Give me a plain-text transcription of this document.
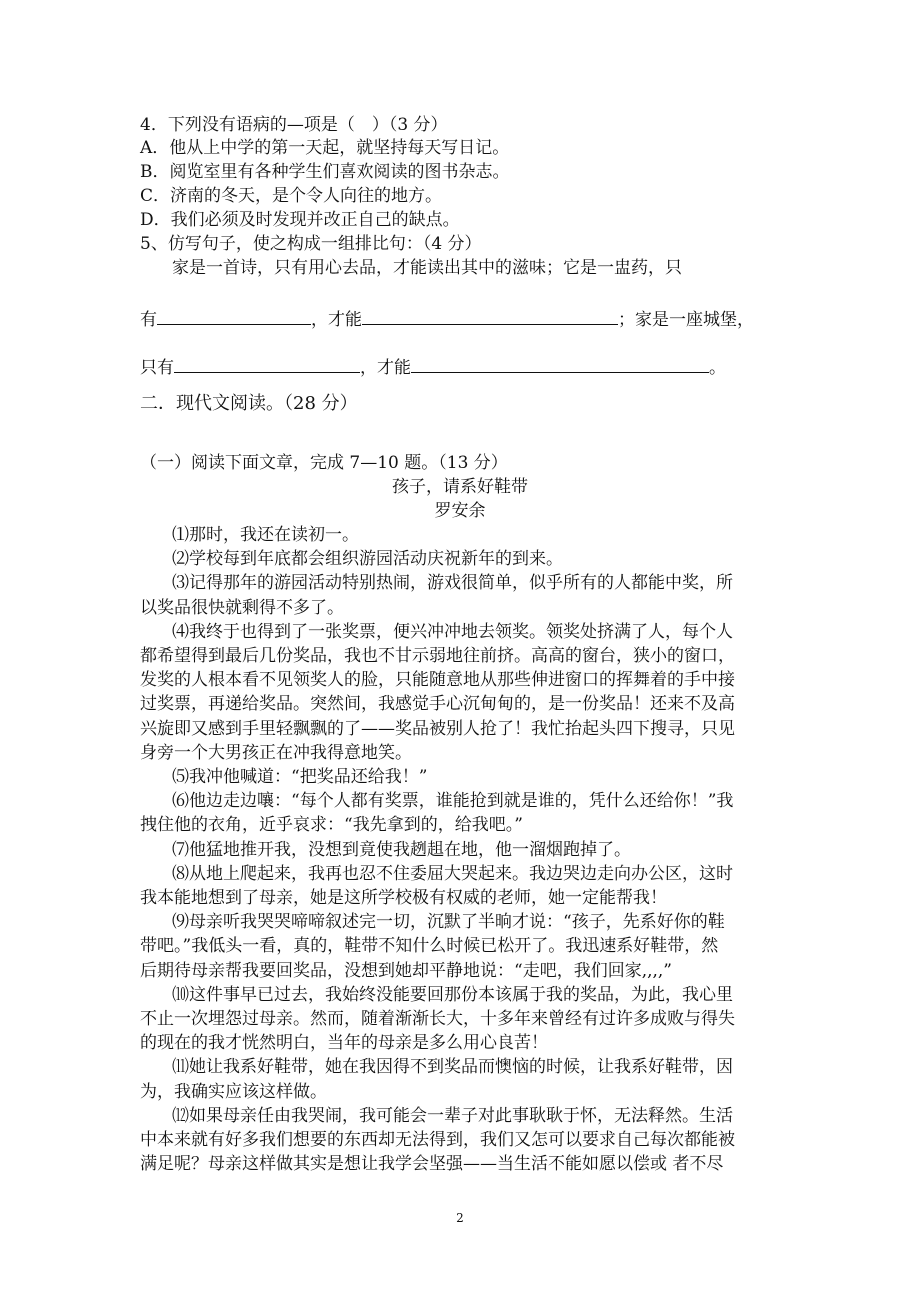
4．下列没有语病的—项是（　）（3 分）
A．他从上中学的第一天起，就坚持每天写日记。
B．阅览室里有各种学生们喜欢阅读的图书杂志。
C．济南的冬天，是个令人向往的地方。
D．我们必须及时发现并改正自己的缺点。
5、仿写句子，使之构成一组排比句：（4 分）
家是一首诗，只有用心去品，才能读出其中的滋味；它是一盅药，只
有	，才能	；家是一座城堡，
只有	，才能	。
二．现代文阅读。（28 分）
（一）阅读下面文章，完成 7—10 题。（13 分）
孩子，请系好鞋带
罗安余
⑴那时，我还在读初一。
⑵学校每到年底都会组织游园活动庆祝新年的到来。
⑶记得那年的游园活动特别热闹，游戏很简单，似乎所有的人都能中奖，所
以奖品很快就剩得不多了。
⑷我终于也得到了一张奖票，便兴冲冲地去领奖。领奖处挤满了人，每个人
都希望得到最后几份奖品，我也不甘示弱地往前挤。高高的窗台，狭小的窗口，
发奖的人根本看不见领奖人的脸，只能随意地从那些伸进窗口的挥舞着的手中接
过奖票，再递给奖品。突然间，我感觉手心沉甸甸的，是一份奖品！还来不及高
兴旋即又感到手里轻飘飘的了——奖品被别人抢了！我忙抬起头四下搜寻，只见
身旁一个大男孩正在冲我得意地笑。
⑸我冲他喊道：“把奖品还给我！”
⑹他边走边嚷：“每个人都有奖票，谁能抢到就是谁的，凭什么还给你！”我
拽住他的衣角，近乎哀求：“我先拿到的，给我吧。”
⑺他猛地推开我，没想到竟使我趔趄在地，他一溜烟跑掉了。
⑻从地上爬起来，我再也忍不住委屈大哭起来。我边哭边走向办公区，这时
我本能地想到了母亲，她是这所学校极有权威的老师，她一定能帮我！
⑼母亲听我哭哭啼啼叙述完一切，沉默了半晌才说：“孩子，先系好你的鞋
带吧。”我低头一看，真的，鞋带不知什么时候已松开了。我迅速系好鞋带，然
后期待母亲帮我要回奖品，没想到她却平静地说：“走吧，我们回家,,,,”
⑽这件事早已过去，我始终没能要回那份本该属于我的奖品，为此，我心里
不止一次埋怨过母亲。然而，随着渐渐长大，十多年来曾经有过许多成败与得失
的现在的我才恍然明白，当年的母亲是多么用心良苦！
⑾她让我系好鞋带，她在我因得不到奖品而懊恼的时候，让我系好鞋带，因
为，我确实应该这样做。
⑿如果母亲任由我哭闹，我可能会一辈子对此事耿耿于怀，无法释然。生活
中本来就有好多我们想要的东西却无法得到，我们又怎可以要求自己每次都能被
满足呢？母亲这样做其实是想让我学会坚强——当生活不能如愿以偿或 者不尽
2
